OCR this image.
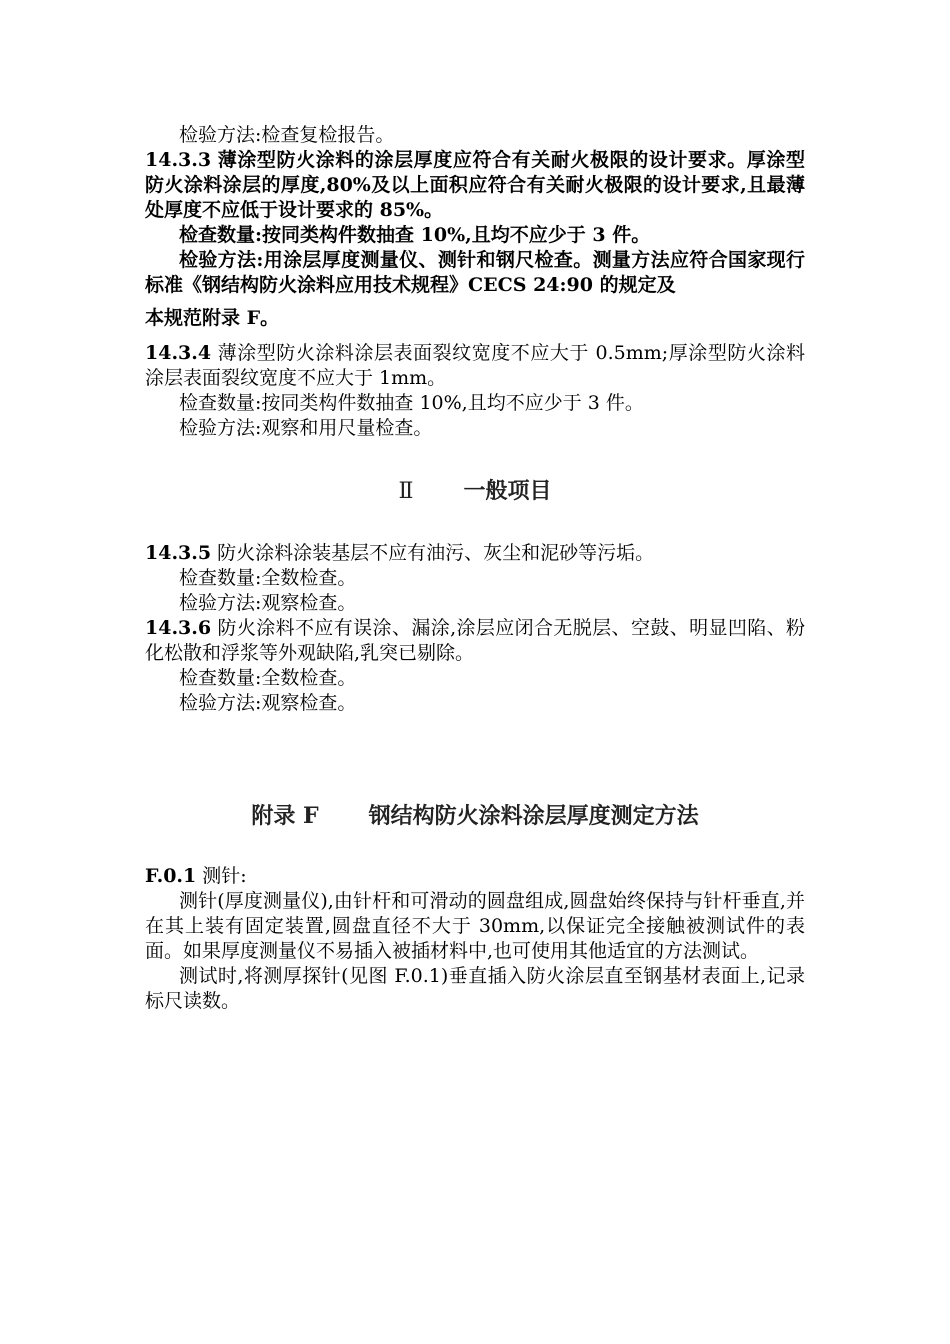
检验方法:检查复检报告。

14.3.3 薄涂型防火涂料的涂层厚度应符合有关耐火极限的设计要求。厚涂型防火涂料涂层的厚度,80%及以上面积应符合有关耐火极限的设计要求,且最薄处厚度不应低于设计要求的 85%。

检查数量:按同类构件数抽查 10%,且均不应少于 3 件。

检验方法:用涂层厚度测量仪、测针和钢尺检查。测量方法应符合国家现行标准《钢结构防火涂料应用技术规程》CECS 24:90 的规定及

本规范附录 F。

14.3.4 薄涂型防火涂料涂层表面裂纹宽度不应大于 0.5mm;厚涂型防火涂料涂层表面裂纹宽度不应大于 1mm。

检查数量:按同类构件数抽查 10%,且均不应少于 3 件。

检验方法:观察和用尺量检查。

Ⅱ 一般项目

14.3.5 防火涂料涂装基层不应有油污、灰尘和泥砂等污垢。

检查数量:全数检查。

检验方法:观察检查。

14.3.6 防火涂料不应有误涂、漏涂,涂层应闭合无脱层、空鼓、明显凹陷、粉化松散和浮浆等外观缺陷,乳突已剔除。

检查数量:全数检查。

检验方法:观察检查。

附录 F 钢结构防火涂料涂层厚度测定方法

F.0.1 测针:

测针(厚度测量仪),由针杆和可滑动的圆盘组成,圆盘始终保持与针杆垂直,并在其上装有固定装置,圆盘直径不大于 30mm,以保证完全接触被测试件的表面。如果厚度测量仪不易插入被插材料中,也可使用其他适宜的方法测试。

测试时,将测厚探针(见图 F.0.1)垂直插入防火涂层直至钢基材表面上,记录标尺读数。
